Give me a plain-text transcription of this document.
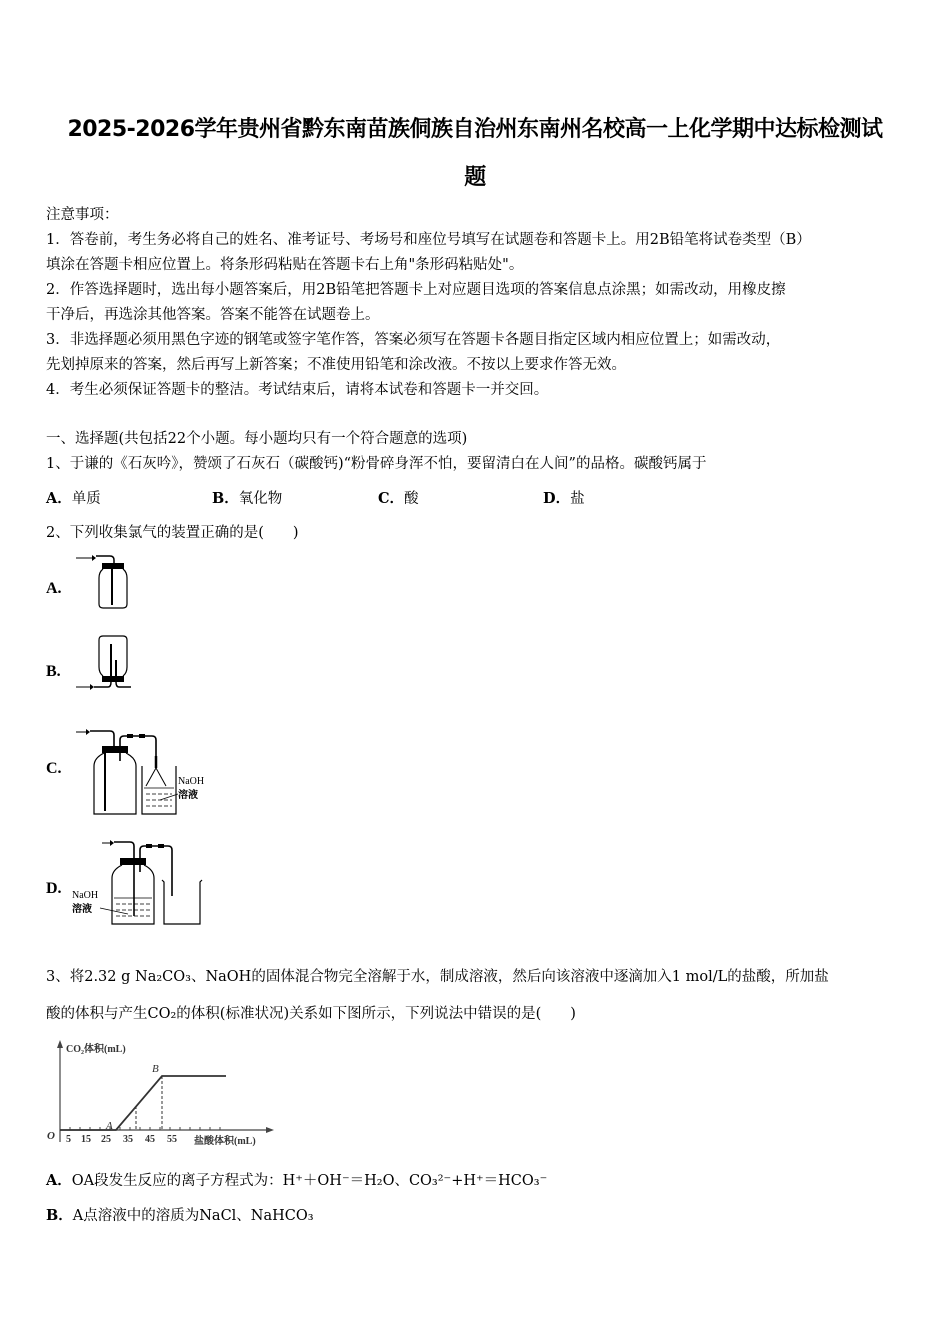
2025-2026学年贵州省黔东南苗族侗族自治州东南州名校高一上化学期中达标检测试
题
注意事项：
1．答卷前，考生务必将自己的姓名、准考证号、考场号和座位号填写在试题卷和答题卡上。用2B铅笔将试卷类型（B）
填涂在答题卡相应位置上。将条形码粘贴在答题卡右上角"条形码粘贴处"。
2．作答选择题时，选出每小题答案后，用2B铅笔把答题卡上对应题目选项的答案信息点涂黑；如需改动，用橡皮擦
干净后，再选涂其他答案。答案不能答在试题卷上。
3．非选择题必须用黑色字迹的钢笔或签字笔作答，答案必须写在答题卡各题目指定区域内相应位置上；如需改动，
先划掉原来的答案，然后再写上新答案；不准使用铅笔和涂改液。不按以上要求作答无效。
4．考生必须保证答题卡的整洁。考试结束后，请将本试卷和答题卡一并交回。
一、选择题(共包括22个小题。每小题均只有一个符合题意的选项)
1、于谦的《石灰吟》，赞颂了石灰石（碳酸钙)“粉骨碎身浑不怕，要留清白在人间”的品格。碳酸钙属于
A．单质	B．氧化物	C．酸	D．盐
2、下列收集氯气的装置正确的是(　　)
A.
B.
C.
NaOH
溶液
D. NaOH
溶液
3、将2.32 g Na₂CO₃、NaOH的固体混合物完全溶解于水，制成溶液，然后向该溶液中逐滴加入1 mol/L的盐酸，所加盐
酸的体积与产生CO₂的体积(标准状况)关系如下图所示，下列说法中错误的是(　　)
CO₂体积(mL)
O 5 15 25 35 45 55 盐酸体积(mL)
A
B
A．OA段发生反应的离子方程式为：H⁺＋OH⁻＝H₂O、CO₃²⁻+H⁺＝HCO₃⁻
B．A点溶液中的溶质为NaCl、NaHCO₃
